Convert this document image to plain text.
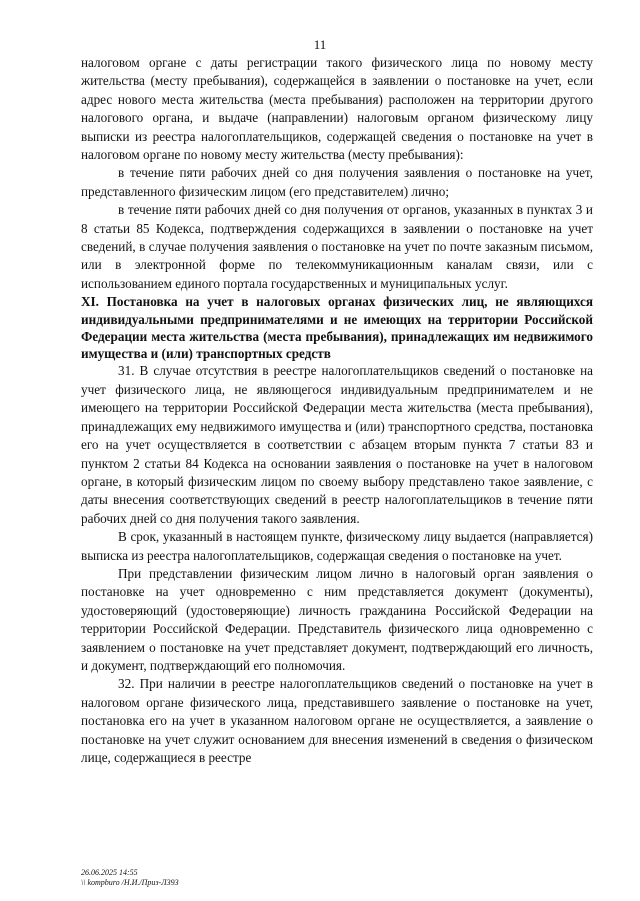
11

налоговом органе с даты регистрации такого физического лица по новому месту жительства (месту пребывания), содержащейся в заявлении о постановке на учет, если адрес нового места жительства (места пребывания) расположен на территории другого налогового органа, и выдаче (направлении) налоговым органом физическому лицу выписки из реестра налогоплательщиков, содержащей сведения о постановке на учет в налоговом органе по новому месту жительства (месту пребывания):

в течение пяти рабочих дней со дня получения заявления о постановке на учет, представленного физическим лицом (его представителем) лично;

в течение пяти рабочих дней со дня получения от органов, указанных в пунктах 3 и 8 статьи 85 Кодекса, подтверждения содержащихся в заявлении о постановке на учет сведений, в случае получения заявления о постановке на учет по почте заказным письмом, или в электронной форме по телекоммуникационным каналам связи, или с использованием единого портала государственных и муниципальных услуг.

XI. Постановка на учет в налоговых органах физических лиц, не являющихся индивидуальными предпринимателями и не имеющих на территории Российской Федерации места жительства (места пребывания), принадлежащих им недвижимого имущества и (или) транспортных средств

31. В случае отсутствия в реестре налогоплательщиков сведений о постановке на учет физического лица, не являющегося индивидуальным предпринимателем и не имеющего на территории Российской Федерации места жительства (места пребывания), принадлежащих ему недвижимого имущества и (или) транспортного средства, постановка его на учет осуществляется в соответствии с абзацем вторым пункта 7 статьи 83 и пунктом 2 статьи 84 Кодекса на основании заявления о постановке на учет в налоговом органе, в который физическим лицом по своему выбору представлено такое заявление, с даты внесения соответствующих сведений в реестр налогоплательщиков в течение пяти рабочих дней со дня получения такого заявления.

В срок, указанный в настоящем пункте, физическому лицу выдается (направляется) выписка из реестра налогоплательщиков, содержащая сведения о постановке на учет.

При представлении физическим лицом лично в налоговый орган заявления о постановке на учет одновременно с ним представляется документ (документы), удостоверяющий (удостоверяющие) личность гражданина Российской Федерации на территории Российской Федерации. Представитель физического лица одновременно с заявлением о постановке на учет представляет документ, подтверждающий его личность, и документ, подтверждающий его полномочия.

32. При наличии в реестре налогоплательщиков сведений о постановке на учет в налоговом органе физического лица, представившего заявление о постановке на учет, постановка его на учет в указанном налоговом органе не осуществляется, а заявление о постановке на учет служит основанием для внесения изменений в сведения о физическом лице, содержащиеся в реестре

26.06.2025 14:55
\\ kompburo /Н.И./Приз-Л393
